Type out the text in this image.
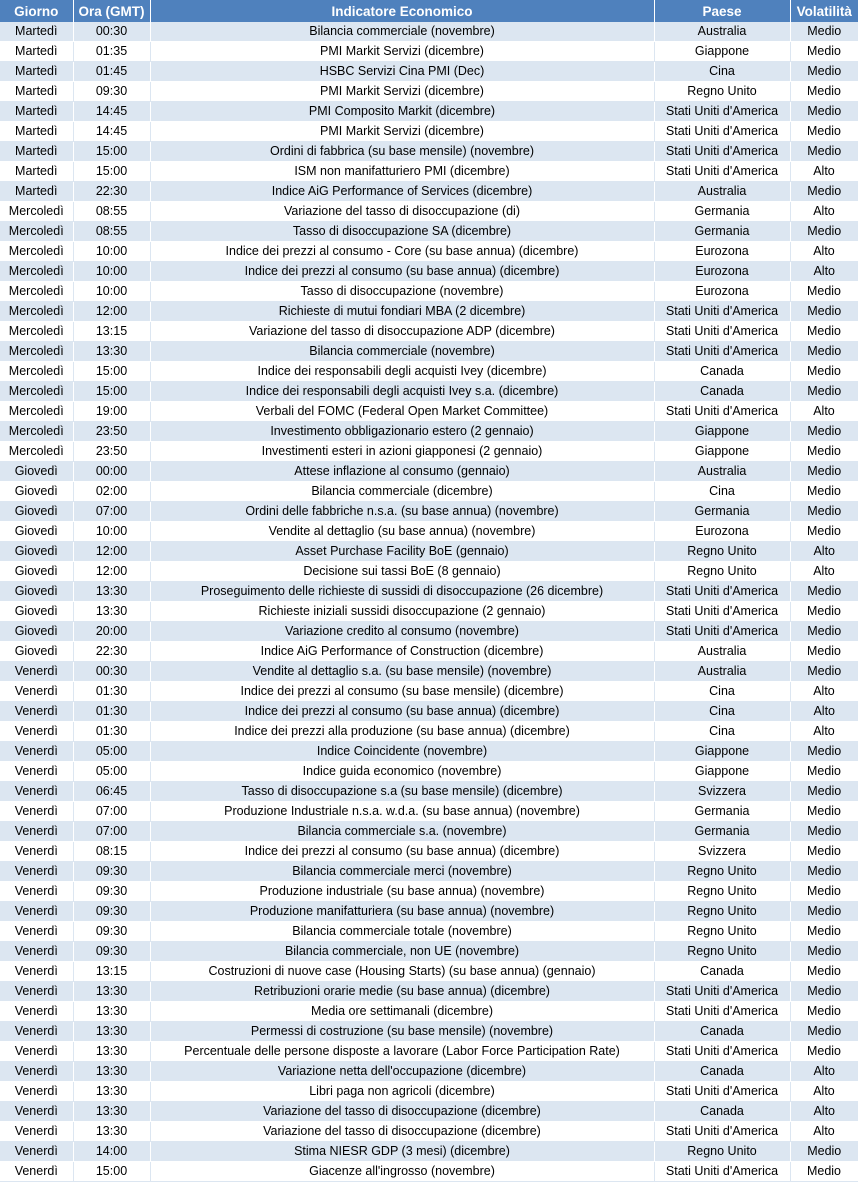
Giorno	Ora (GMT)	Indicatore Economico	Paese	Volatilità
Martedì	00:30	Bilancia commerciale (novembre)	Australia	Medio
Martedì	01:35	PMI Markit Servizi (dicembre)	Giappone	Medio
Martedì	01:45	HSBC Servizi Cina PMI (Dec)	Cina	Medio
Martedì	09:30	PMI Markit Servizi (dicembre)	Regno Unito	Medio
Martedì	14:45	PMI Composito Markit (dicembre)	Stati Uniti d'America	Medio
Martedì	14:45	PMI Markit Servizi (dicembre)	Stati Uniti d'America	Medio
Martedì	15:00	Ordini di fabbrica (su base mensile) (novembre)	Stati Uniti d'America	Medio
Martedì	15:00	ISM non manifatturiero PMI (dicembre)	Stati Uniti d'America	Alto
Martedì	22:30	Indice AiG Performance of Services (dicembre)	Australia	Medio
Mercoledì	08:55	Variazione del tasso di disoccupazione (di)	Germania	Alto
Mercoledì	08:55	Tasso di disoccupazione SA (dicembre)	Germania	Medio
Mercoledì	10:00	Indice dei prezzi al consumo - Core (su base annua) (dicembre)	Eurozona	Alto
Mercoledì	10:00	Indice dei prezzi al consumo (su base annua) (dicembre)	Eurozona	Alto
Mercoledì	10:00	Tasso di disoccupazione (novembre)	Eurozona	Medio
Mercoledì	12:00	Richieste di mutui fondiari MBA (2 dicembre)	Stati Uniti d'America	Medio
Mercoledì	13:15	Variazione del tasso di disoccupazione ADP (dicembre)	Stati Uniti d'America	Medio
Mercoledì	13:30	Bilancia commerciale (novembre)	Stati Uniti d'America	Medio
Mercoledì	15:00	Indice dei responsabili degli acquisti Ivey (dicembre)	Canada	Medio
Mercoledì	15:00	Indice dei responsabili degli acquisti Ivey s.a. (dicembre)	Canada	Medio
Mercoledì	19:00	Verbali del FOMC (Federal Open Market Committee)	Stati Uniti d'America	Alto
Mercoledì	23:50	Investimento obbligazionario estero (2 gennaio)	Giappone	Medio
Mercoledì	23:50	Investimenti esteri in azioni giapponesi (2 gennaio)	Giappone	Medio
Giovedì	00:00	Attese inflazione al consumo (gennaio)	Australia	Medio
Giovedì	02:00	Bilancia commerciale (dicembre)	Cina	Medio
Giovedì	07:00	Ordini delle fabbriche n.s.a. (su base annua) (novembre)	Germania	Medio
Giovedì	10:00	Vendite al dettaglio (su base annua) (novembre)	Eurozona	Medio
Giovedì	12:00	Asset Purchase Facility BoE (gennaio)	Regno Unito	Alto
Giovedì	12:00	Decisione sui tassi BoE (8 gennaio)	Regno Unito	Alto
Giovedì	13:30	Proseguimento delle richieste di sussidi di disoccupazione (26 dicembre)	Stati Uniti d'America	Medio
Giovedì	13:30	Richieste iniziali sussidi disoccupazione (2 gennaio)	Stati Uniti d'America	Medio
Giovedì	20:00	Variazione credito al consumo (novembre)	Stati Uniti d'America	Medio
Giovedì	22:30	Indice AiG Performance of Construction (dicembre)	Australia	Medio
Venerdì	00:30	Vendite al dettaglio s.a. (su base mensile) (novembre)	Australia	Medio
Venerdì	01:30	Indice dei prezzi al consumo (su base mensile) (dicembre)	Cina	Alto
Venerdì	01:30	Indice dei prezzi al consumo (su base annua) (dicembre)	Cina	Alto
Venerdì	01:30	Indice dei prezzi alla produzione (su base annua) (dicembre)	Cina	Alto
Venerdì	05:00	Indice Coincidente (novembre)	Giappone	Medio
Venerdì	05:00	Indice guida economico (novembre)	Giappone	Medio
Venerdì	06:45	Tasso di disoccupazione s.a (su base mensile) (dicembre)	Svizzera	Medio
Venerdì	07:00	Produzione Industriale n.s.a. w.d.a. (su base annua) (novembre)	Germania	Medio
Venerdì	07:00	Bilancia commerciale s.a. (novembre)	Germania	Medio
Venerdì	08:15	Indice dei prezzi al consumo (su base annua) (dicembre)	Svizzera	Medio
Venerdì	09:30	Bilancia commerciale merci (novembre)	Regno Unito	Medio
Venerdì	09:30	Produzione industriale (su base annua) (novembre)	Regno Unito	Medio
Venerdì	09:30	Produzione manifatturiera (su base annua) (novembre)	Regno Unito	Medio
Venerdì	09:30	Bilancia commerciale totale (novembre)	Regno Unito	Medio
Venerdì	09:30	Bilancia commerciale, non UE (novembre)	Regno Unito	Medio
Venerdì	13:15	Costruzioni di nuove case (Housing Starts) (su base annua) (gennaio)	Canada	Medio
Venerdì	13:30	Retribuzioni orarie medie (su base annua) (dicembre)	Stati Uniti d'America	Medio
Venerdì	13:30	Media ore settimanali (dicembre)	Stati Uniti d'America	Medio
Venerdì	13:30	Permessi di costruzione (su base mensile) (novembre)	Canada	Medio
Venerdì	13:30	Percentuale delle persone disposte a lavorare (Labor Force Participation Rate)	Stati Uniti d'America	Medio
Venerdì	13:30	Variazione netta dell'occupazione (dicembre)	Canada	Alto
Venerdì	13:30	Libri paga non agricoli (dicembre)	Stati Uniti d'America	Alto
Venerdì	13:30	Variazione del tasso di disoccupazione (dicembre)	Canada	Alto
Venerdì	13:30	Variazione del tasso di disoccupazione (dicembre)	Stati Uniti d'America	Alto
Venerdì	14:00	Stima NIESR GDP (3 mesi) (dicembre)	Regno Unito	Medio
Venerdì	15:00	Giacenze all'ingrosso (novembre)	Stati Uniti d'America	Medio
